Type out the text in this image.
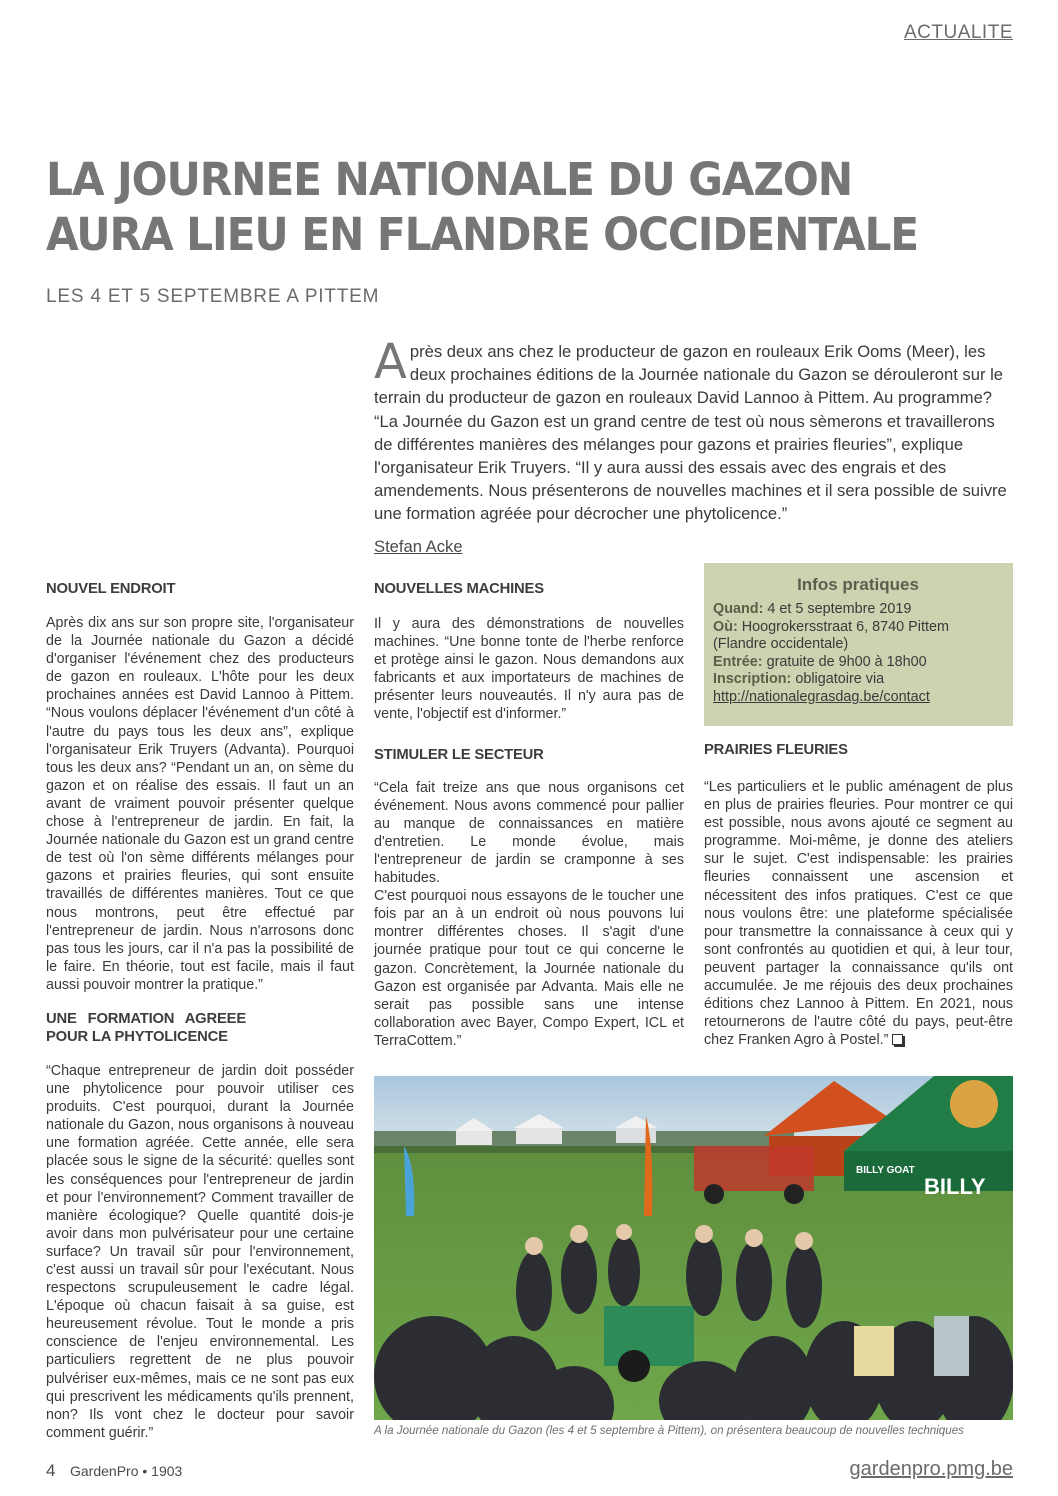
ACTUALITE
LA JOURNEE NATIONALE DU GAZON
AURA LIEU EN FLANDRE OCCIDENTALE
LES 4 ET 5 SEPTEMBRE A PITTEM
Après deux ans chez le producteur de gazon en rouleaux Erik Ooms (Meer), les deux prochaines éditions de la Journée nationale du Gazon se dérouleront sur le terrain du producteur de gazon en rouleaux David Lannoo à Pittem. Au programme? “La Journée du Gazon est un grand centre de test où nous sèmerons et travaillerons de différentes manières des mélanges pour gazons et prairies fleuries”, explique l'organisateur Erik Truyers. “Il y aura aussi des essais avec des engrais et des amendements. Nous présenterons de nouvelles machines et il sera possible de suivre une formation agréée pour décrocher une phytolicence.”
Stefan Acke
NOUVEL ENDROIT

Après dix ans sur son propre site, l'organisateur de la Journée nationale du Gazon a décidé d'organiser l'événement chez des producteurs de gazon en rouleaux. L'hôte pour les deux prochaines années est David Lannoo à Pittem. “Nous voulons déplacer l'événement d'un côté à l'autre du pays tous les deux ans”, explique l'organisateur Erik Truyers (Advanta). Pourquoi tous les deux ans? “Pendant un an, on sème du gazon et on réalise des essais. Il faut un an avant de vraiment pouvoir présenter quelque chose à l'entrepreneur de jardin. En fait, la Journée nationale du Gazon est un grand centre de test où l'on sème différents mélanges pour gazons et prairies fleuries, qui sont ensuite travaillés de différentes manières. Tout ce que nous montrons, peut être effectué par l'entrepreneur de jardin. Nous n'arrosons donc pas tous les jours, car il n'a pas la possibilité de le faire. En théorie, tout est facile, mais il faut aussi pouvoir montrer la pratique.”

UNE FORMATION AGREEE POUR LA PHYTOLICENCE

“Chaque entrepreneur de jardin doit posséder une phytolicence pour pouvoir utiliser ces produits. C'est pourquoi, durant la Journée nationale du Gazon, nous organisons à nouveau une formation agréée. Cette année, elle sera placée sous le signe de la sécurité: quelles sont les conséquences pour l'entrepreneur de jardin et pour l'environnement? Comment travailler de manière écologique? Quelle quantité dois-je avoir dans mon pulvérisateur pour une certaine surface? Un travail sûr pour l'environnement, c'est aussi un travail sûr pour l'exécutant. Nous respectons scrupuleusement le cadre légal. L'époque où chacun faisait à sa guise, est heureusement révolue. Tout le monde a pris conscience de l'enjeu environnemental. Les particuliers regrettent de ne plus pouvoir pulvériser eux-mêmes, mais ce ne sont pas eux qui prescrivent les médicaments qu'ils prennent, non? Ils vont chez le docteur pour savoir comment guérir.”

NOUVELLES MACHINES

Il y aura des démonstrations de nouvelles machines. “Une bonne tonte de l'herbe renforce et protège ainsi le gazon. Nous demandons aux fabricants et aux importateurs de machines de présenter leurs nouveautés. Il n'y aura pas de vente, l'objectif est d'informer.”

STIMULER LE SECTEUR

“Cela fait treize ans que nous organisons cet événement. Nous avons commencé pour pallier au manque de connaissances en matière d'entretien. Le monde évolue, mais l'entrepreneur de jardin se cramponne à ses habitudes.

C'est pourquoi nous essayons de le toucher une fois par an à un endroit où nous pouvons lui montrer différentes choses. Il s'agit d'une journée pratique pour tout ce qui concerne le gazon. Concrètement, la Journée nationale du Gazon est organisée par Advanta. Mais elle ne serait pas possible sans une intense collaboration avec Bayer, Compo Expert, ICL et TerraCottem.”

Infos pratiques
Quand: 4 et 5 septembre 2019
Où: Hoogrokersstraat 6, 8740 Pittem
(Flandre occidentale)
Entrée: gratuite de 9h00 à 18h00
Inscription: obligatoire via
http://nationalegrasdag.be/contact
PRAIRIES FLEURIES

“Les particuliers et le public aménagent de plus en plus de prairies fleuries. Pour montrer ce qui est possible, nous avons ajouté ce segment au programme. Moi-même, je donne des ateliers sur le sujet. C'est indispensable: les prairies fleuries connaissent une ascension et nécessitent des infos pratiques. C'est ce que nous voulons être: une plateforme spécialisée pour transmettre la connaissance à ceux qui y sont confrontés au quotidien et qui, à leur tour, peuvent partager la connaissance qu'ils ont accumulée. Je me réjouis des deux prochaines éditions chez Lannoo à Pittem. En 2021, nous retournerons de l'autre côté du pays, peut-être chez Franken Agro à Postel.”

BILLY
BILLY GOAT
A la Journée nationale du Gazon (les 4 et 5 septembre à Pittem), on présentera beaucoup de nouvelles techniques
4 GardenPro • 1903	gardenpro.pmg.be
